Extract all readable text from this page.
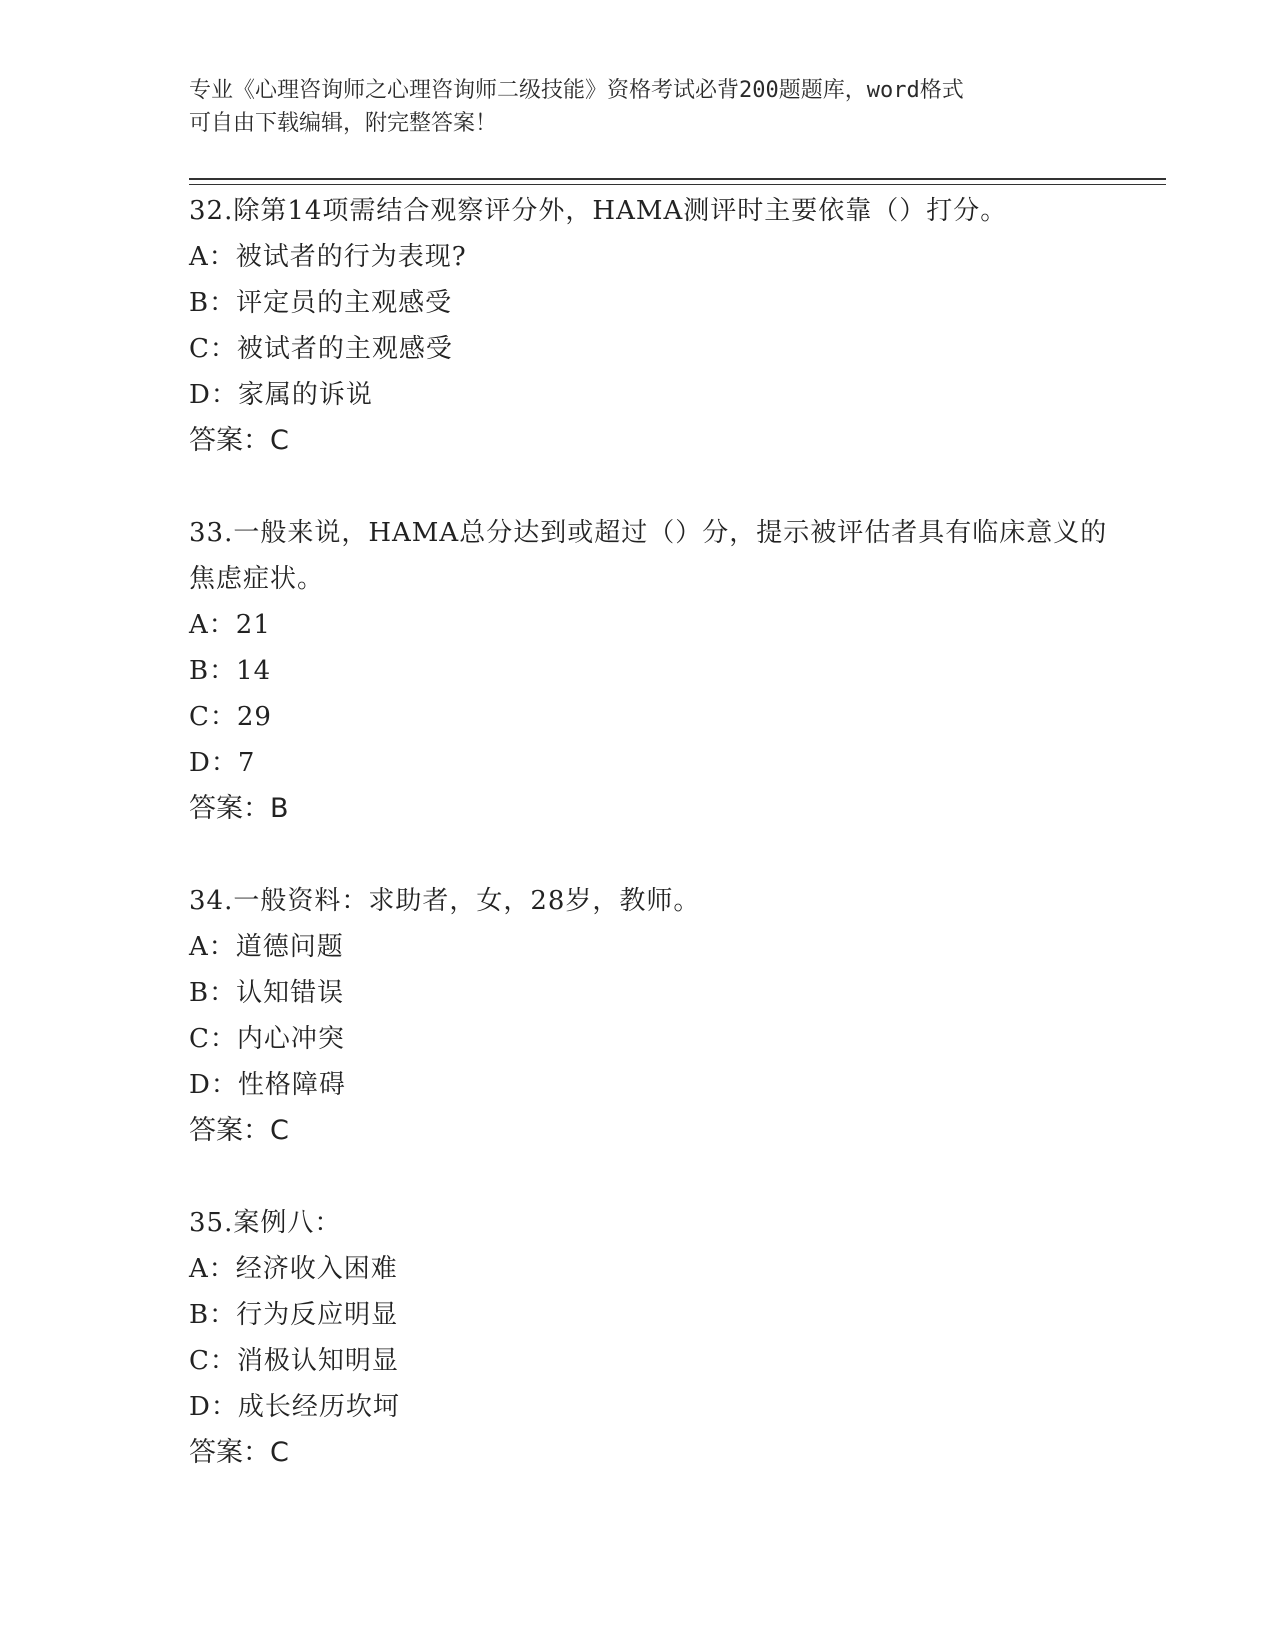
专业《心理咨询师之心理咨询师二级技能》资格考试必背200题题库，word格式
可自由下载编辑，附完整答案！
32.除第14项需结合观察评分外，HAMA测评时主要依靠（）打分。
A：被试者的行为表现?
B：评定员的主观感受
C：被试者的主观感受
D：家属的诉说
答案：C
33.一般来说，HAMA总分达到或超过（）分，提示被评估者具有临床意义的焦虑症状。
A：21
B：14
C：29
D：7
答案：B
34.一般资料：求助者，女，28岁，教师。
A：道德问题
B：认知错误
C：内心冲突
D：性格障碍
答案：C
35.案例八：
A：经济收入困难
B：行为反应明显
C：消极认知明显
D：成长经历坎坷
答案：C
